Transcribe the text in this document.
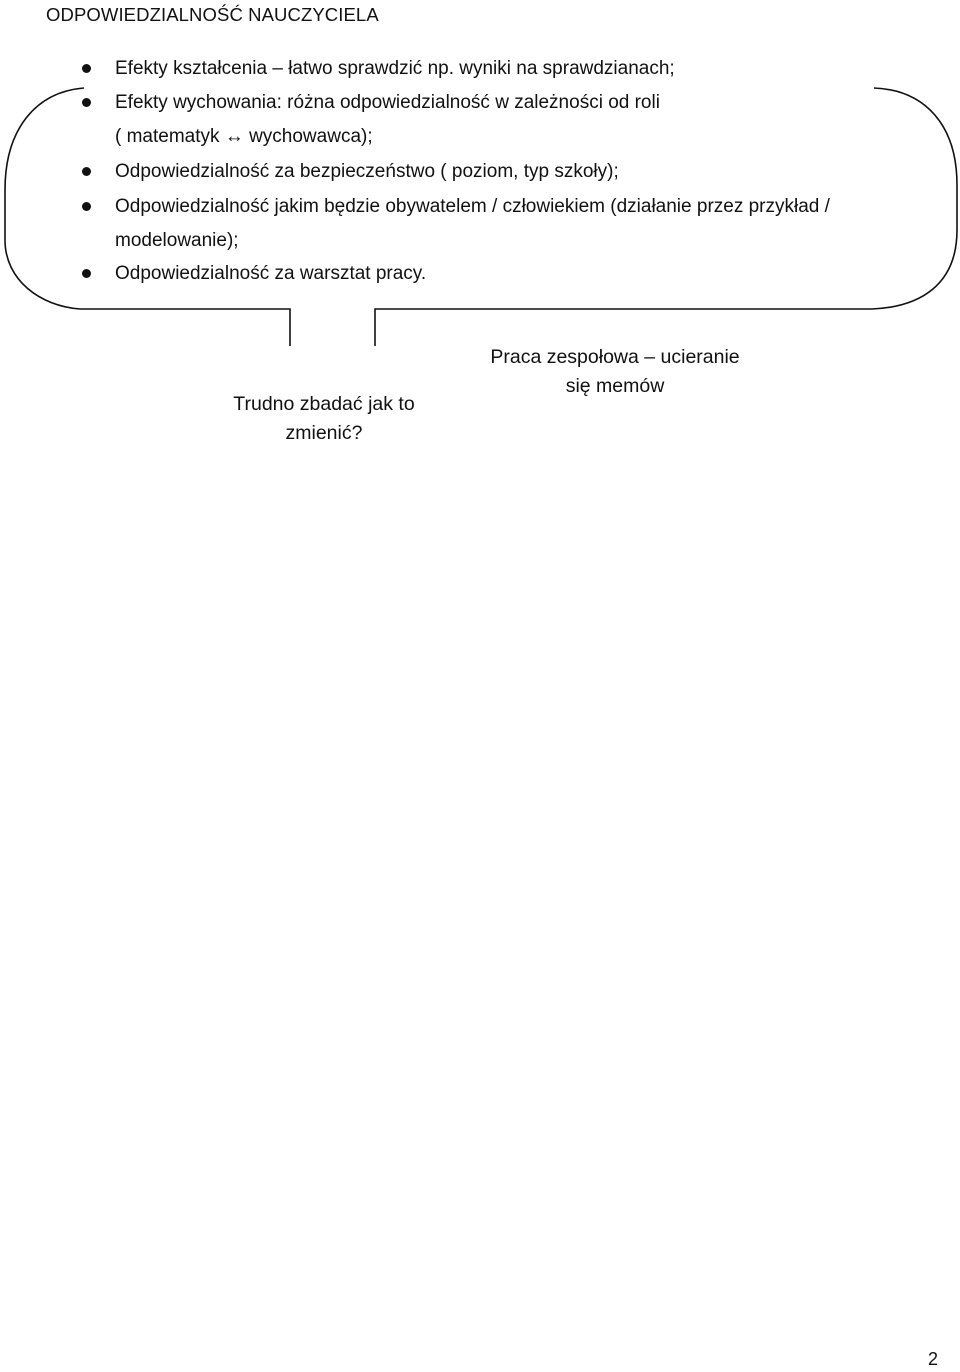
ODPOWIEDZIALNOŚĆ NAUCZYCIELA
Efekty kształcenia – łatwo sprawdzić np. wyniki na sprawdzianach;
Efekty wychowania: różna odpowiedzialność w zależności od roli
( matematyk ↔ wychowawca);
Odpowiedzialność za bezpieczeństwo ( poziom, typ szkoły);
Odpowiedzialność jakim będzie obywatelem / człowiekiem (działanie przez przykład /
modelowanie);
Odpowiedzialność za warsztat pracy.
Trudno zbadać jak to
zmienić?
Praca zespołowa – ucieranie
się memów
2
